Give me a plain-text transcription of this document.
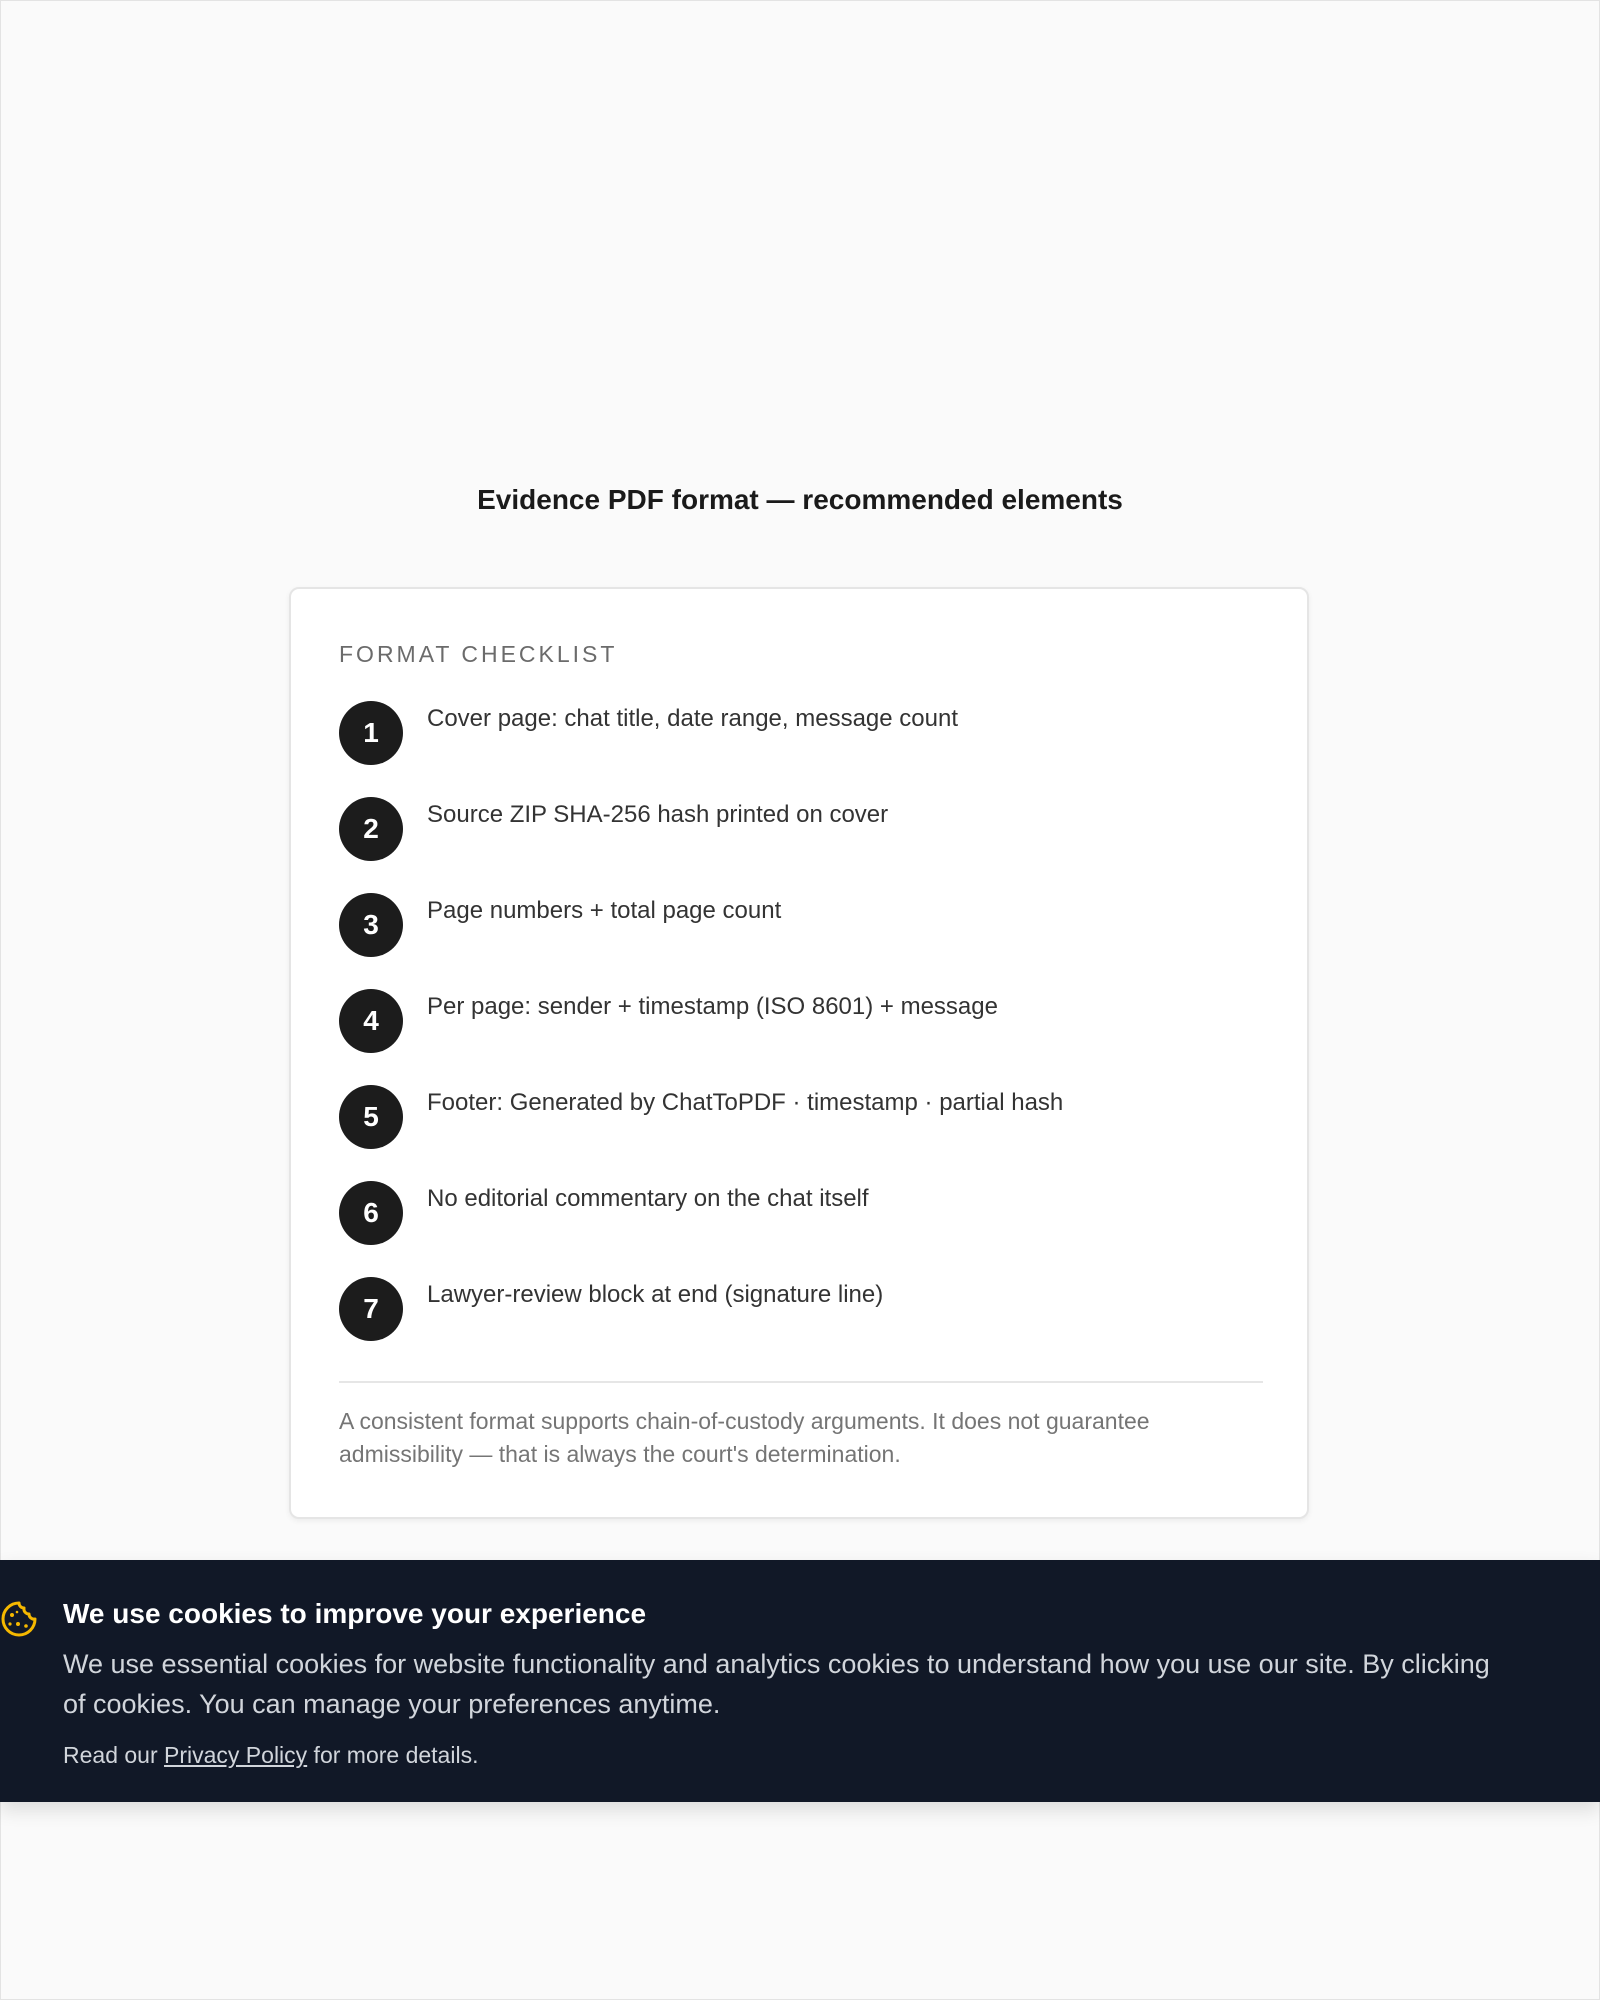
Evidence PDF format — recommended elements
FORMAT CHECKLIST
1	Cover page: chat title, date range, message count
2	Source ZIP SHA-256 hash printed on cover
3	Page numbers + total page count
4	Per page: sender + timestamp (ISO 8601) + message
5	Footer: Generated by ChatToPDF · timestamp · partial hash
6	No editorial commentary on the chat itself
7	Lawyer-review block at end (signature line)

A consistent format supports chain-of-custody arguments. It does not guarantee admissibility — that is always the court's determination.

We use cookies to improve your experience
We use essential cookies for website functionality and analytics cookies to understand how you use our site. By clicking
of cookies. You can manage your preferences anytime.
Read our Privacy Policy for more details.
